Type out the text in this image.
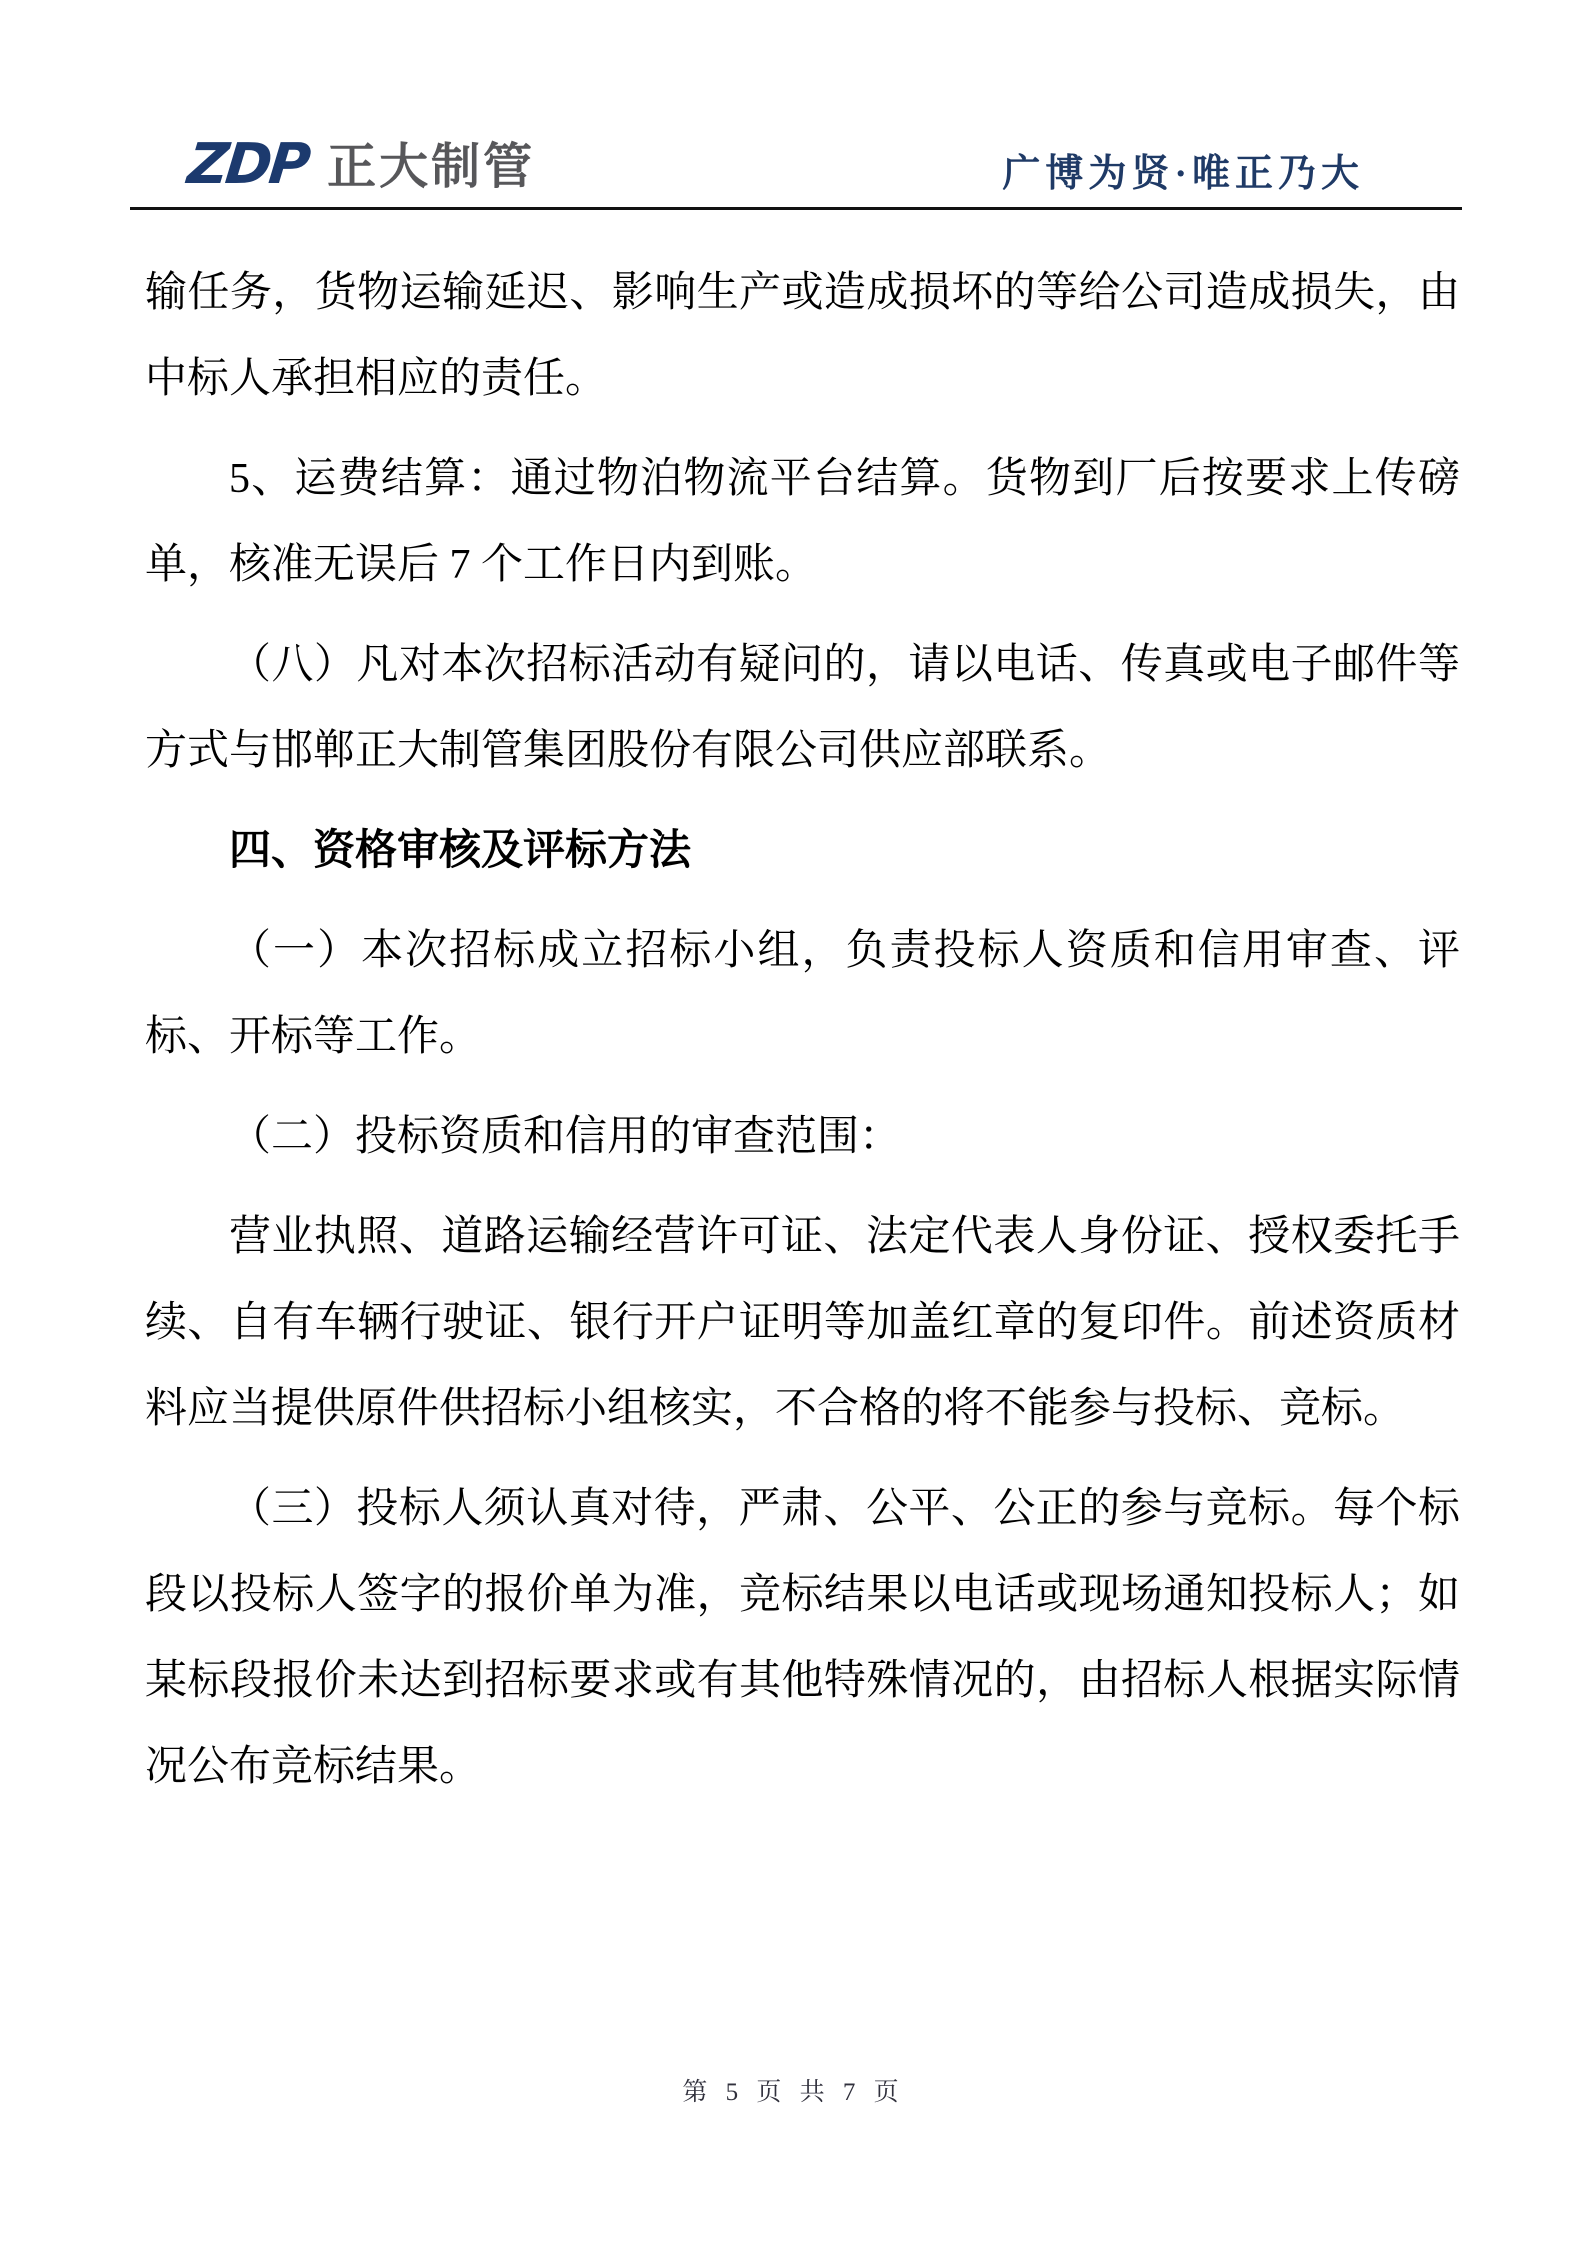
ZDP 正大制管	广博为贤·唯正乃大

输任务，货物运输延迟、影响生产或造成损坏的等给公司造成损失，由中标人承担相应的责任。

5、运费结算：通过物泊物流平台结算。货物到厂后按要求上传磅单，核准无误后 7 个工作日内到账。

（八）凡对本次招标活动有疑问的，请以电话、传真或电子邮件等方式与邯郸正大制管集团股份有限公司供应部联系。

四、资格审核及评标方法

（一）本次招标成立招标小组，负责投标人资质和信用审查、评标、开标等工作。

（二）投标资质和信用的审查范围：

营业执照、道路运输经营许可证、法定代表人身份证、授权委托手续、自有车辆行驶证、银行开户证明等加盖红章的复印件。前述资质材料应当提供原件供招标小组核实，不合格的将不能参与投标、竞标。

（三）投标人须认真对待，严肃、公平、公正的参与竞标。每个标段以投标人签字的报价单为准，竞标结果以电话或现场通知投标人；如某标段报价未达到招标要求或有其他特殊情况的，由招标人根据实际情况公布竞标结果。

第 5 页 共 7 页
